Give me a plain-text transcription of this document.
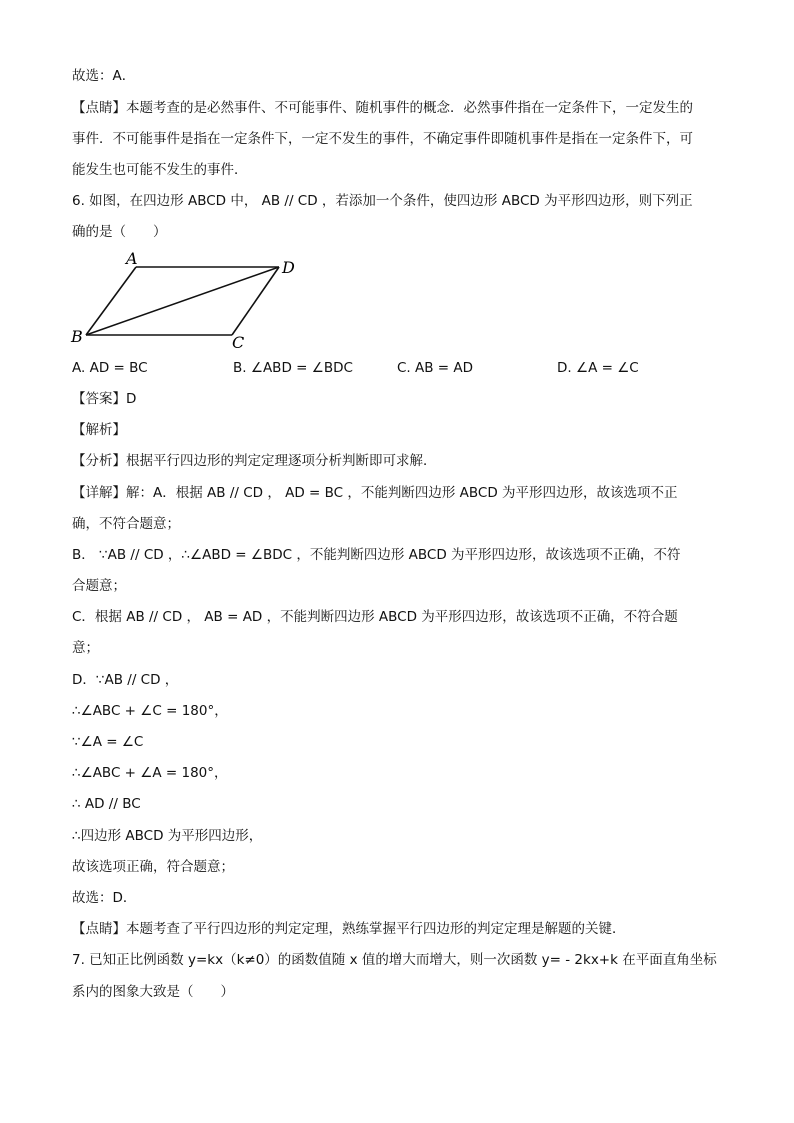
故选：A．
【点睛】本题考查的是必然事件、不可能事件、随机事件的概念．必然事件指在一定条件下，一定发生的
事件．不可能事件是指在一定条件下，一定不发生的事件，不确定事件即随机事件是指在一定条件下，可
能发生也可能不发生的事件．
6. 如图，在四边形 ABCD 中， AB // CD ，若添加一个条件，使四边形 ABCD 为平形四边形，则下列正
确的是（　　）
A
B	C
D
A. AD = BC	B. ∠ABD = ∠BDC	C. AB = AD	D. ∠A = ∠C
【答案】D
【解析】
【分析】根据平行四边形的判定定理逐项分析判断即可求解．
【详解】解：A．根据 AB // CD ， AD = BC ，不能判断四边形 ABCD 为平形四边形，故该选项不正
确，不符合题意；
B． ∵AB // CD ，∴∠ABD = ∠BDC ，不能判断四边形 ABCD 为平形四边形，故该选项不正确，不符
合题意；
C．根据 AB // CD ， AB = AD ，不能判断四边形 ABCD 为平形四边形，故该选项不正确，不符合题
意；
D．∵AB // CD ，
∴∠ABC + ∠C = 180°，
∵∠A = ∠C
∴∠ABC + ∠A = 180°，
∴ AD // BC
∴四边形 ABCD 为平形四边形，
故该选项正确，符合题意；
故选：D．
【点睛】本题考查了平行四边形的判定定理，熟练掌握平行四边形的判定定理是解题的关键．
7. 已知正比例函数 y=kx（k≠0）的函数值随 x 值的增大而增大，则一次函数 y= - 2kx+k 在平面直角坐标
系内的图象大致是（　　）
